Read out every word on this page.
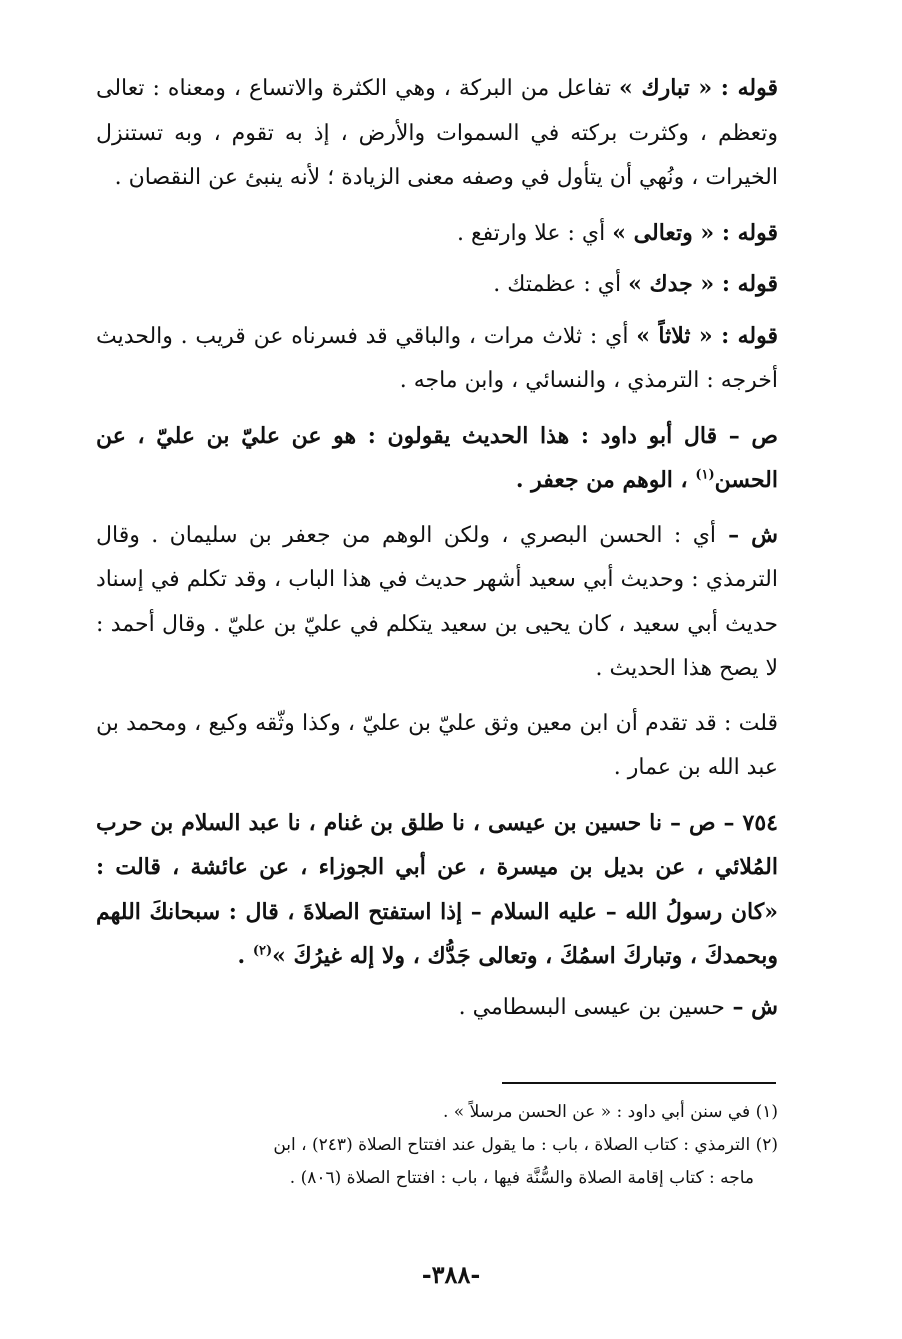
قوله : « تبارك » تفاعل من البركة ، وهي الكثرة والاتساع ، ومعناه : تعالى وتعظم ، وكثرت بركته في السموات والأرض ، إذ به تقوم ، وبه تستنزل الخيرات ، ونُهي أن يتأول في وصفه معنى الزيادة ؛ لأنه ينبئ عن النقصان .

قوله : « وتعالى » أي : علا وارتفع .

قوله : « جدك » أي : عظمتك .

قوله : « ثلاثاً » أي : ثلاث مرات ، والباقي قد فسرناه عن قريب . والحديث أخرجه : الترمذي ، والنسائي ، وابن ماجه .

ص – قال أبو داود : هذا الحديث يقولون : هو عن عليّ بن عليّ ، عن الحسن$^{(١)}$ ، الوهم من جعفر .

ش – أي : الحسن البصري ، ولكن الوهم من جعفر بن سليمان . وقال الترمذي : وحديث أبي سعيد أشهر حديث في هذا الباب ، وقد تكلم في إسناد حديث أبي سعيد ، كان يحيى بن سعيد يتكلم في عليّ بن عليّ . وقال أحمد : لا يصح هذا الحديث .

قلت : قد تقدم أن ابن معين وثق عليّ بن عليّ ، وكذا وثّقه وكيع ، ومحمد بن عبد الله بن عمار .

٧٥٤ – ص – نا حسين بن عيسى ، نا طلق بن غنام ، نا عبد السلام بن حرب المُلائي ، عن بديل بن ميسرة ، عن أبي الجوزاء ، عن عائشة ، قالت : «كان رسولُ الله – عليه السلام – إذا استفتح الصلاةَ ، قال : سبحانكَ اللهم وبحمدكَ ، وتباركَ اسمُكَ ، وتعالى جَدُّك ، ولا إله غيرُكَ »$^{(٢)}$ .

ش – حسين بن عيسى البسطامي .

(١) في سنن أبي داود : « عن الحسن مرسلاً » .

(٢) الترمذي : كتاب الصلاة ، باب : ما يقول عند افتتاح الصلاة (٢٤٣) ، ابن

ماجه : كتاب إقامة الصلاة والسُّنَّة فيها ، باب : افتتاح الصلاة (٨٠٦) .

-٣٨٨-
